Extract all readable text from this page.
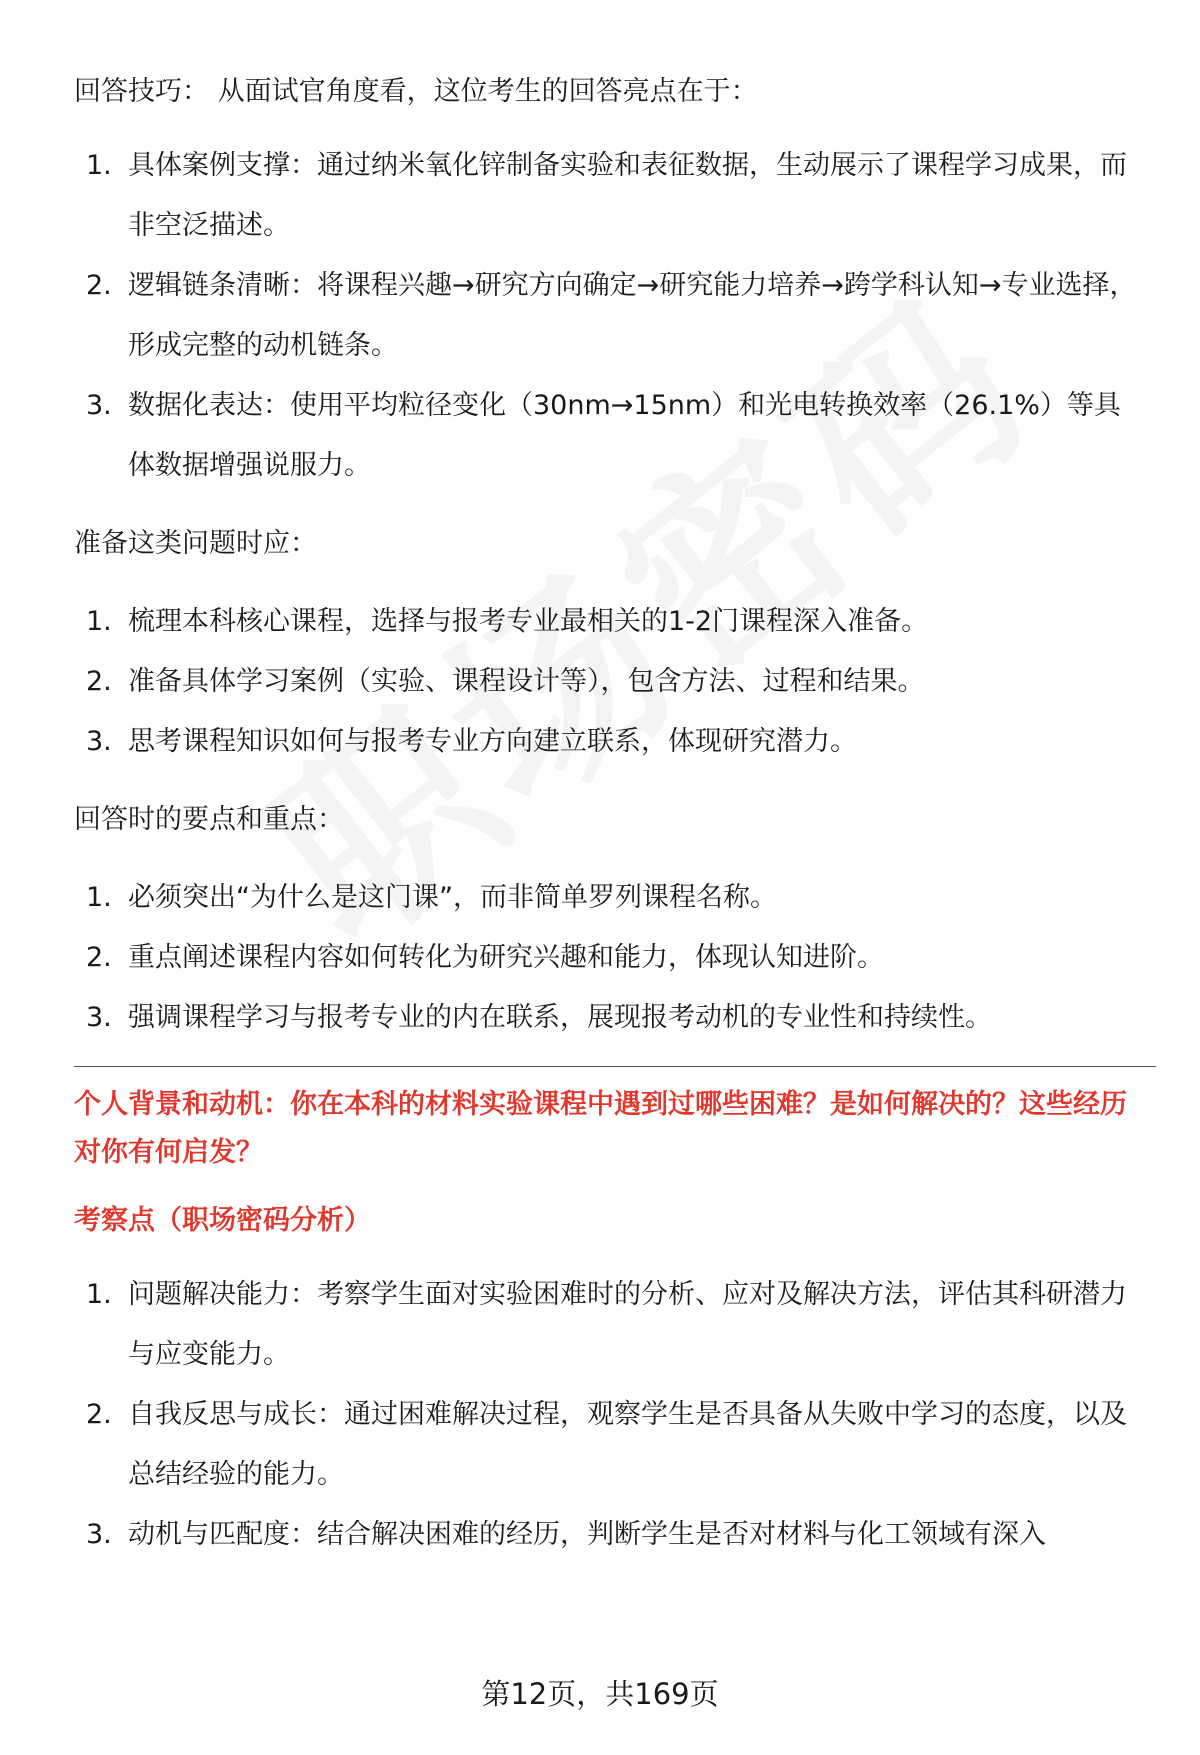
回答技巧： 从面试官角度看，这位考生的回答亮点在于：

1. 具体案例支撑：通过纳米氧化锌制备实验和表征数据，生动展示了课程学习成果，而非空泛描述。
2. 逻辑链条清晰：将课程兴趣→研究方向确定→研究能力培养→跨学科认知→专业选择，形成完整的动机链条。
3. 数据化表达：使用平均粒径变化（30nm→15nm）和光电转换效率（26.1%）等具体数据增强说服力。

准备这类问题时应：

1. 梳理本科核心课程，选择与报考专业最相关的1-2门课程深入准备。
2. 准备具体学习案例（实验、课程设计等），包含方法、过程和结果。
3. 思考课程知识如何与报考专业方向建立联系，体现研究潜力。

回答时的要点和重点：

1. 必须突出“为什么是这门课”，而非简单罗列课程名称。
2. 重点阐述课程内容如何转化为研究兴趣和能力，体现认知进阶。
3. 强调课程学习与报考专业的内在联系，展现报考动机的专业性和持续性。
个人背景和动机：你在本科的材料实验课程中遇到过哪些困难？是如何解决的？这些经历对你有何启发？
考察点（职场密码分析）
1. 问题解决能力：考察学生面对实验困难时的分析、应对及解决方法，评估其科研潜力与应变能力。
2. 自我反思与成长：通过困难解决过程，观察学生是否具备从失败中学习的态度，以及总结经验的能力。
3. 动机与匹配度：结合解决困难的经历，判断学生是否对材料与化工领域有深入
第12页，共169页
